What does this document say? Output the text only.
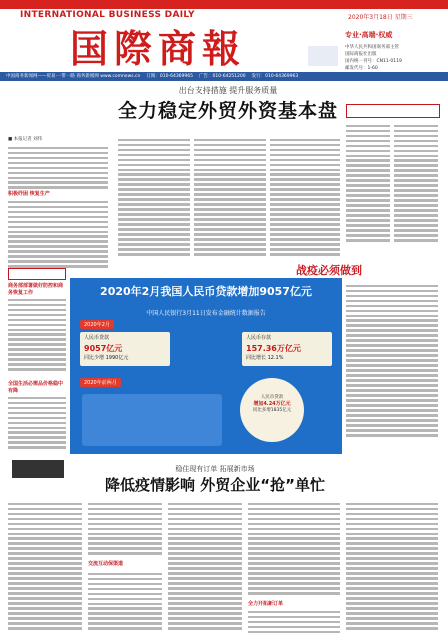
INTERNATIONAL BUSINESS DAILY
国際商報
2020年3月18日 星期三
专业·高端·权威
中华人民共和国商务部主管
国际商报社出版
国内统一刊号：CN11-0119
邮发代号：1-60
中国商务新闻网——贸易·一带一路 商务新闻网 www.comnews.cn 订阅：010-64369965 广告：010-64251200 发行：010-64369963
出台支持措施 提升服务质量
全力稳定外贸外资基本盘
■ 本报记者 刘伟
积极纾困 恢复生产
战疫必须做到
商务部部署做好防控和商务恢复工作
全国生活必需品价格稳中有降
2020年2月我国人民币贷款增加9057亿元
中国人民银行3月11日发布金融统计数据报告
2020年2月
人民币贷款
9057亿元
同比少增 1990亿元
人民币存款
157.36万亿元
同比增长 12.1%
2020年前两月
人民币贷款
增加4.24万亿元
同比多增1835亿元
稳住现有订单 拓展新市场
降低疫情影响 外贸企业“抢”单忙
交流互动保渠道
全力开拓新订单
